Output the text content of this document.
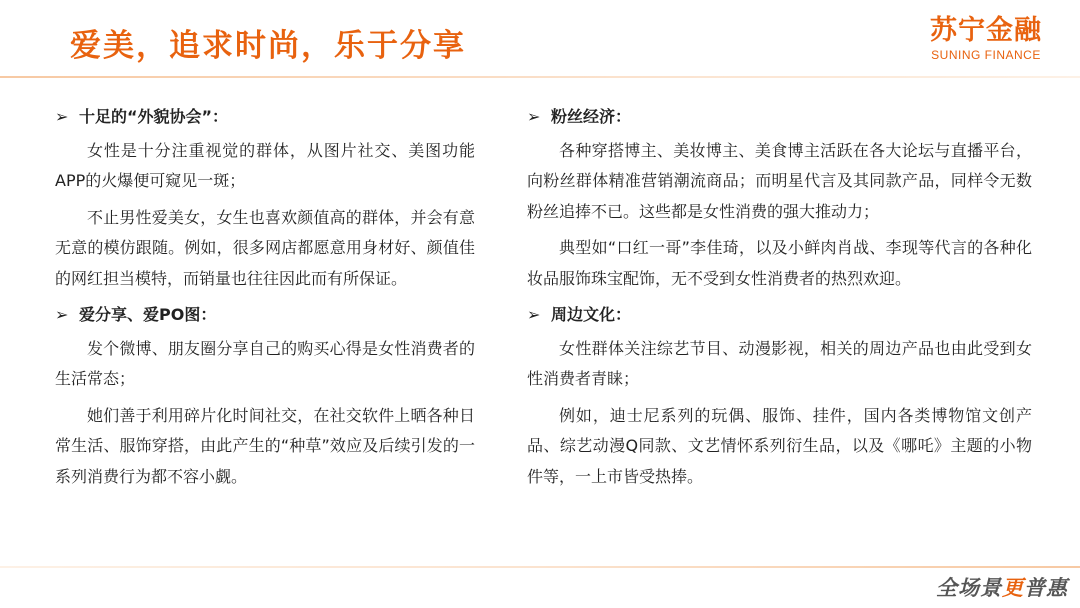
爱美，追求时尚，乐于分享	苏宁金融
SUNING FINANCE
➢ 十足的“外貌协会”：

女性是十分注重视觉的群体，从图片社交、美图功能APP的火爆便可窥见一斑；

不止男性爱美女，女生也喜欢颜值高的群体，并会有意无意的模仿跟随。例如，很多网店都愿意用身材好、颜值佳的网红担当模特，而销量也往往因此而有所保证。

➢ 爱分享、爱PO图：

发个微博、朋友圈分享自己的购买心得是女性消费者的生活常态；

她们善于利用碎片化时间社交，在社交软件上晒各种日常生活、服饰穿搭，由此产生的“种草”效应及后续引发的一系列消费行为都不容小觑。

➢ 粉丝经济：

各种穿搭博主、美妆博主、美食博主活跃在各大论坛与直播平台，向粉丝群体精准营销潮流商品；而明星代言及其同款产品，同样令无数粉丝追捧不已。这些都是女性消费的强大推动力；

典型如“口红一哥”李佳琦，以及小鲜肉肖战、李现等代言的各种化妆品服饰珠宝配饰，无不受到女性消费者的热烈欢迎。

➢ 周边文化：

女性群体关注综艺节目、动漫影视，相关的周边产品也由此受到女性消费者青睐；

例如，迪士尼系列的玩偶、服饰、挂件，国内各类博物馆文创产品、综艺动漫Q同款、文艺情怀系列衍生品，以及《哪吒》主题的小物件等，一上市皆受热捧。

全场景更普惠
